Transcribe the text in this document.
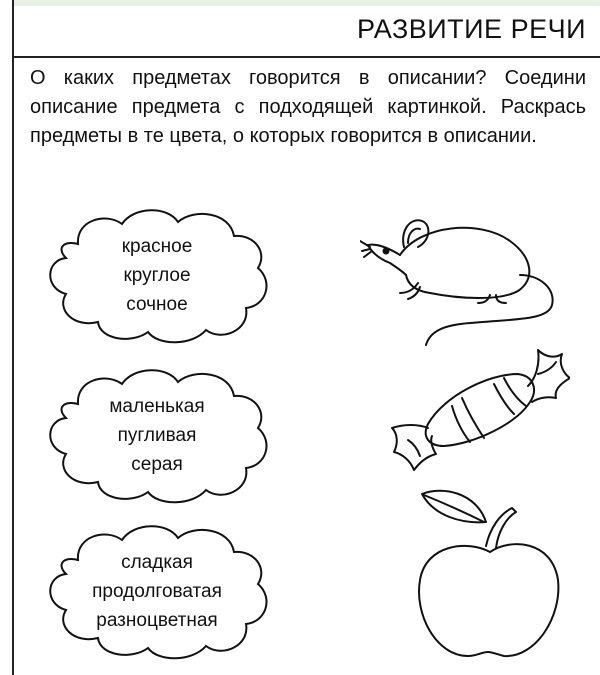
РАЗВИТИЕ РЕЧИ

О каких предметах говорится в описании? Соедини описание предмета с подходящей картинкой. Раскрась предметы в те цвета, о которых говорится в описании.

красное
круглое
сочное
маленькая
пугливая
серая
сладкая
продолговатая
разноцветная
